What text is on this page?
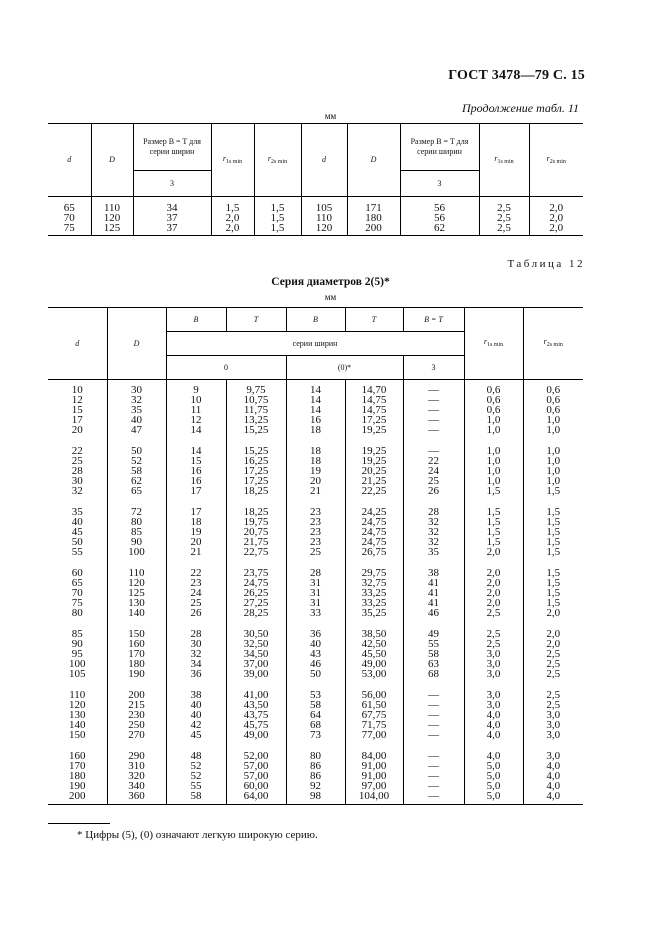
ГОСТ 3478—79 С. 15
Продолжение табл. 11
мм
d	D	Размер B = T для серии ширин	$r_{1s min}$	$r_{2s min}$	d	D	Размер B = T для серии ширин	$r_{1s min}$	$r_{2s min}$
		3					3		
65	110	34	1,5	1,5	105	171	56	2,5	2,0
70	120	37	2,0	1,5	110	180	56	2,5	2,0
75	125	37	2,0	1,5	120	200	62	2,5	2,0
Таблица 12
Серия диаметров 2(5)*
мм
d	D	B	T	B	T	B = T	$r_{1s min}$	$r_{2s min}$
		серии ширин						
		0		(0)*		3		
10	30	9	9,75	14	14,70	—	0,6	0,6
12	32	10	10,75	14	14,75	—	0,6	0,6
15	35	11	11,75	14	14,75	—	0,6	0,6
17	40	12	13,25	16	17,25	—	1,0	1,0
20	47	14	15,25	18	19,25	—	1,0	1,0
22	50	14	15,25	18	19,25	—	1,0	1,0
25	52	15	16,25	18	19,25	22	1,0	1,0
28	58	16	17,25	19	20,25	24	1,0	1,0
30	62	16	17,25	20	21,25	25	1,0	1,0
32	65	17	18,25	21	22,25	26	1,5	1,5
35	72	17	18,25	23	24,25	28	1,5	1,5
40	80	18	19,75	23	24,75	32	1,5	1,5
45	85	19	20,75	23	24,75	32	1,5	1,5
50	90	20	21,75	23	24,75	32	1,5	1,5
55	100	21	22,75	25	26,75	35	2,0	1,5
60	110	22	23,75	28	29,75	38	2,0	1,5
65	120	23	24,75	31	32,75	41	2,0	1,5
70	125	24	26,25	31	33,25	41	2,0	1,5
75	130	25	27,25	31	33,25	41	2,0	1,5
80	140	26	28,25	33	35,25	46	2,5	2,0
85	150	28	30,50	36	38,50	49	2,5	2,0
90	160	30	32,50	40	42,50	55	2,5	2,0
95	170	32	34,50	43	45,50	58	3,0	2,5
100	180	34	37,00	46	49,00	63	3,0	2,5
105	190	36	39,00	50	53,00	68	3,0	2,5
110	200	38	41,00	53	56,00	—	3,0	2,5
120	215	40	43,50	58	61,50	—	3,0	2,5
130	230	40	43,75	64	67,75	—	4,0	3,0
140	250	42	45,75	68	71,75	—	4,0	3,0
150	270	45	49,00	73	77,00	—	4,0	3,0
160	290	48	52,00	80	84,00	—	4,0	3,0
170	310	52	57,00	86	91,00	—	5,0	4,0
180	320	52	57,00	86	91,00	—	5,0	4,0
190	340	55	60,00	92	97,00	—	5,0	4,0
200	360	58	64,00	98	104,00	—	5,0	4,0
* Цифры (5), (0) означают легкую широкую серию.
